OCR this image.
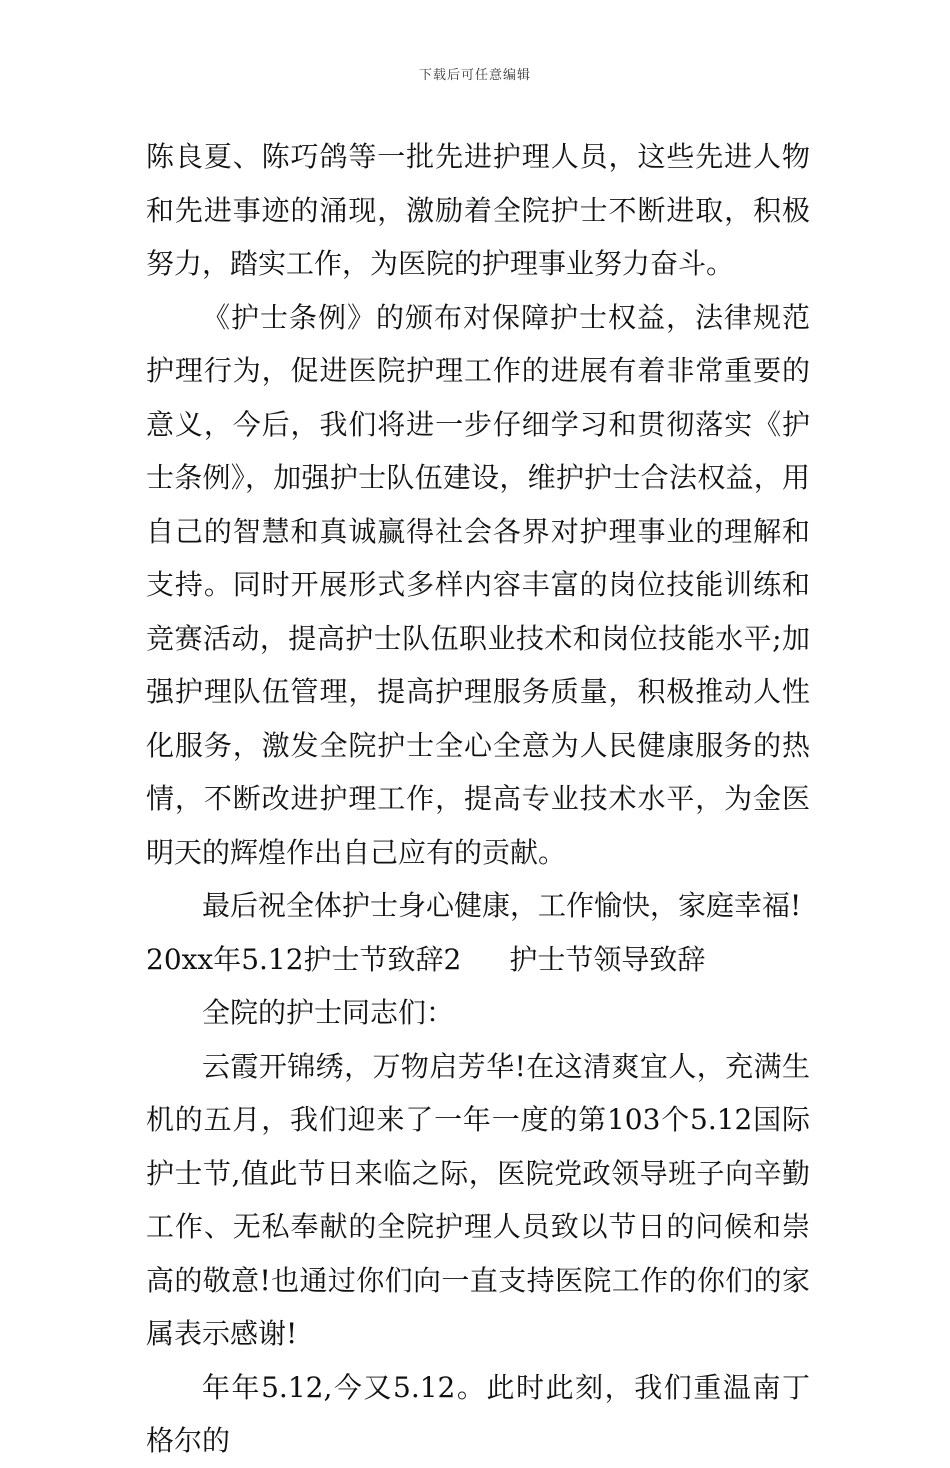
下载后可任意编辑

陈良夏、陈巧鸽等一批先进护理人员，这些先进人物和先进事迹的涌现，激励着全院护士不断进取，积极努力，踏实工作，为医院的护理事业努力奋斗。

《护士条例》的颁布对保障护士权益，法律规范护理行为，促进医院护理工作的进展有着非常重要的意义，今后，我们将进一步仔细学习和贯彻落实《护士条例》，加强护士队伍建设，维护护士合法权益，用自己的智慧和真诚赢得社会各界对护理事业的理解和支持。同时开展形式多样内容丰富的岗位技能训练和竞赛活动，提高护士队伍职业技术和岗位技能水平;加强护理队伍管理，提高护理服务质量，积极推动人性化服务，激发全院护士全心全意为人民健康服务的热情，不断改进护理工作，提高专业技术水平，为金医明天的辉煌作出自己应有的贡献。

最后祝全体护士身心健康，工作愉快，家庭幸福!

20xx年5.12护士节致辞2 护士节领导致辞

全院的护士同志们：

云霞开锦绣，万物启芳华!在这清爽宜人，充满生机的五月，我们迎来了一年一度的第103个5.12国际护士节,值此节日来临之际，医院党政领导班子向辛勤工作、无私奉献的全院护理人员致以节日的问候和崇高的敬意!也通过你们向一直支持医院工作的你们的家属表示感谢!

年年5.12,今又5.12。此时此刻，我们重温南丁格尔的
